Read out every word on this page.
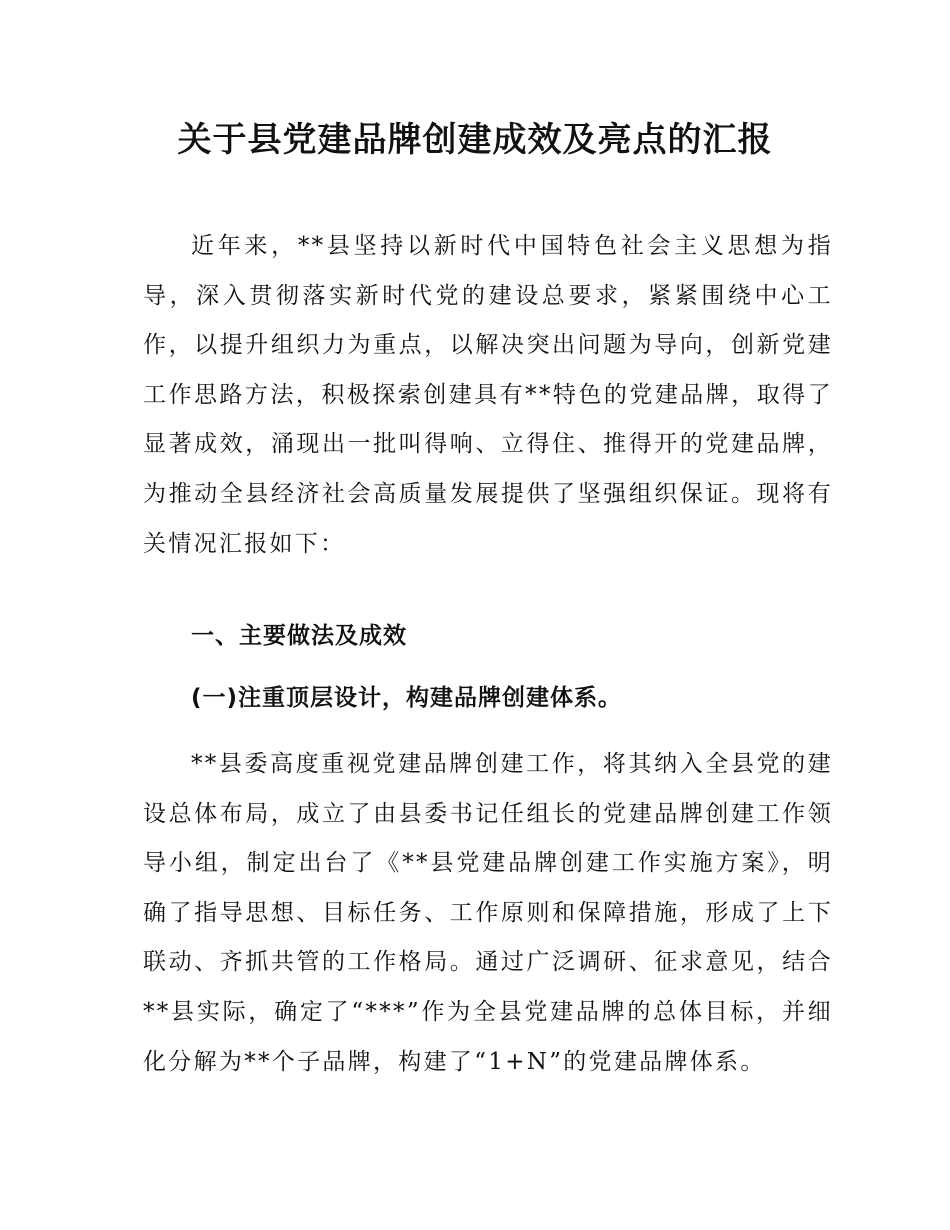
关于县党建品牌创建成效及亮点的汇报

近年来，**县坚持以新时代中国特色社会主义思想为指导，深入贯彻落实新时代党的建设总要求，紧紧围绕中心工作，以提升组织力为重点，以解决突出问题为导向，创新党建工作思路方法，积极探索创建具有**特色的党建品牌，取得了显著成效，涌现出一批叫得响、立得住、推得开的党建品牌，为推动全县经济社会高质量发展提供了坚强组织保证。现将有关情况汇报如下：

一、主要做法及成效
(一)注重顶层设计，构建品牌创建体系。

**县委高度重视党建品牌创建工作，将其纳入全县党的建设总体布局，成立了由县委书记任组长的党建品牌创建工作领导小组，制定出台了《**县党建品牌创建工作实施方案》，明确了指导思想、目标任务、工作原则和保障措施，形成了上下联动、齐抓共管的工作格局。通过广泛调研、征求意见，结合**县实际，确定了“***”作为全县党建品牌的总体目标，并细化分解为**个子品牌，构建了“1+N”的党建品牌体系。
